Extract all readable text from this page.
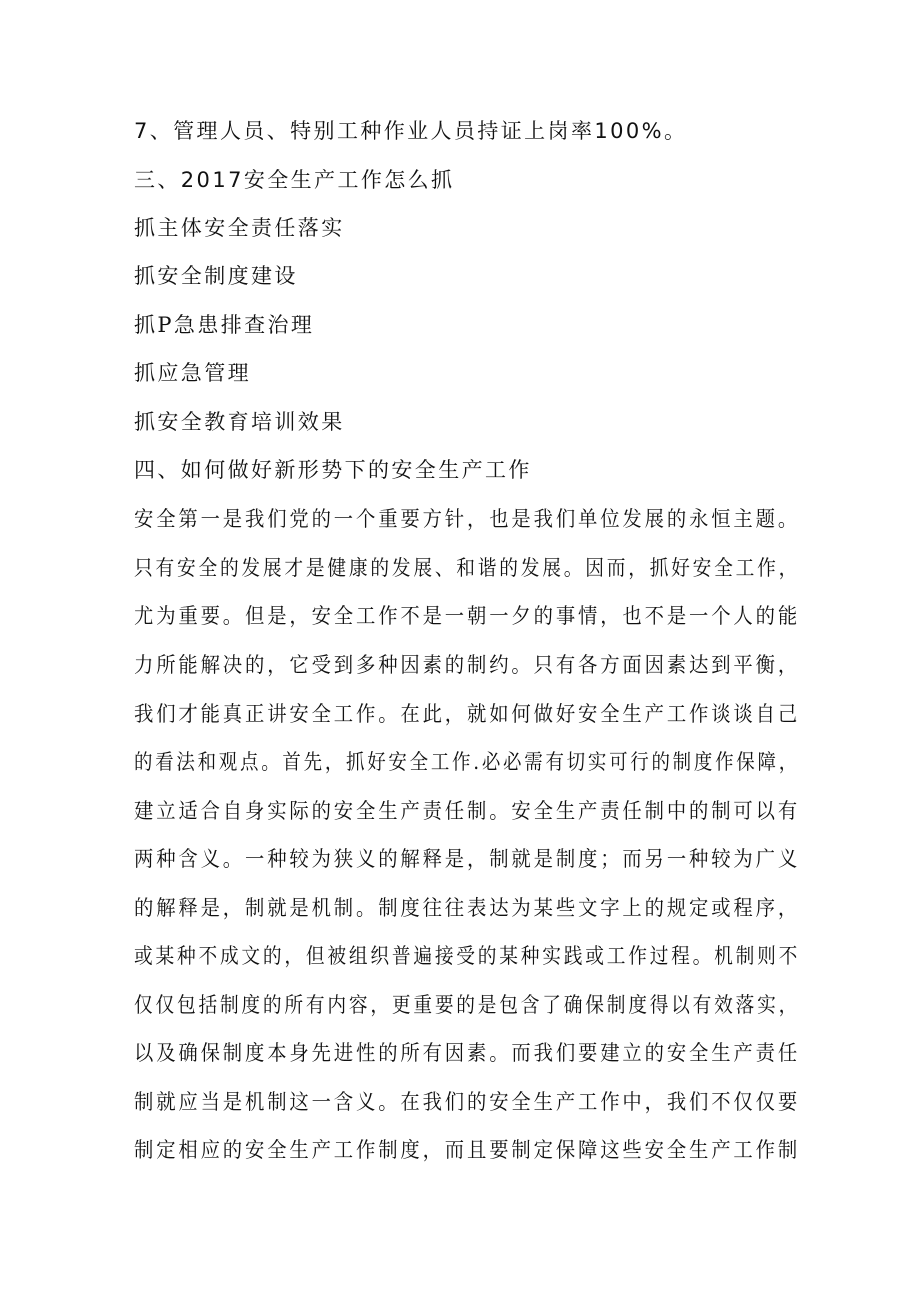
7、管理人员、特别工种作业人员持证上岗率100%。
三、2017安全生产工作怎么抓
抓主体安全责任落实
抓安全制度建设
抓P急患排查治理
抓应急管理
抓安全教育培训效果
四、如何做好新形势下的安全生产工作
安全第一是我们党的一个重要方针，也是我们单位发展的永恒主题。
只有安全的发展才是健康的发展、和谐的发展。因而，抓好安全工作，
尤为重要。但是，安全工作不是一朝一夕的事情，也不是一个人的能
力所能解决的，它受到多种因素的制约。只有各方面因素达到平衡，
我们才能真正讲安全工作。在此，就如何做好安全生产工作谈谈自己
的看法和观点。首先，抓好安全工作.必必需有切实可行的制度作保障，
建立适合自身实际的安全生产责任制。安全生产责任制中的制可以有
两种含义。一种较为狭义的解释是，制就是制度；而另一种较为广义
的解释是，制就是机制。制度往往表达为某些文字上的规定或程序，
或某种不成文的，但被组织普遍接受的某种实践或工作过程。机制则不
仅仅包括制度的所有内容，更重要的是包含了确保制度得以有效落实，
以及确保制度本身先进性的所有因素。而我们要建立的安全生产责任
制就应当是机制这一含义。在我们的安全生产工作中，我们不仅仅要
制定相应的安全生产工作制度，而且要制定保障这些安全生产工作制
